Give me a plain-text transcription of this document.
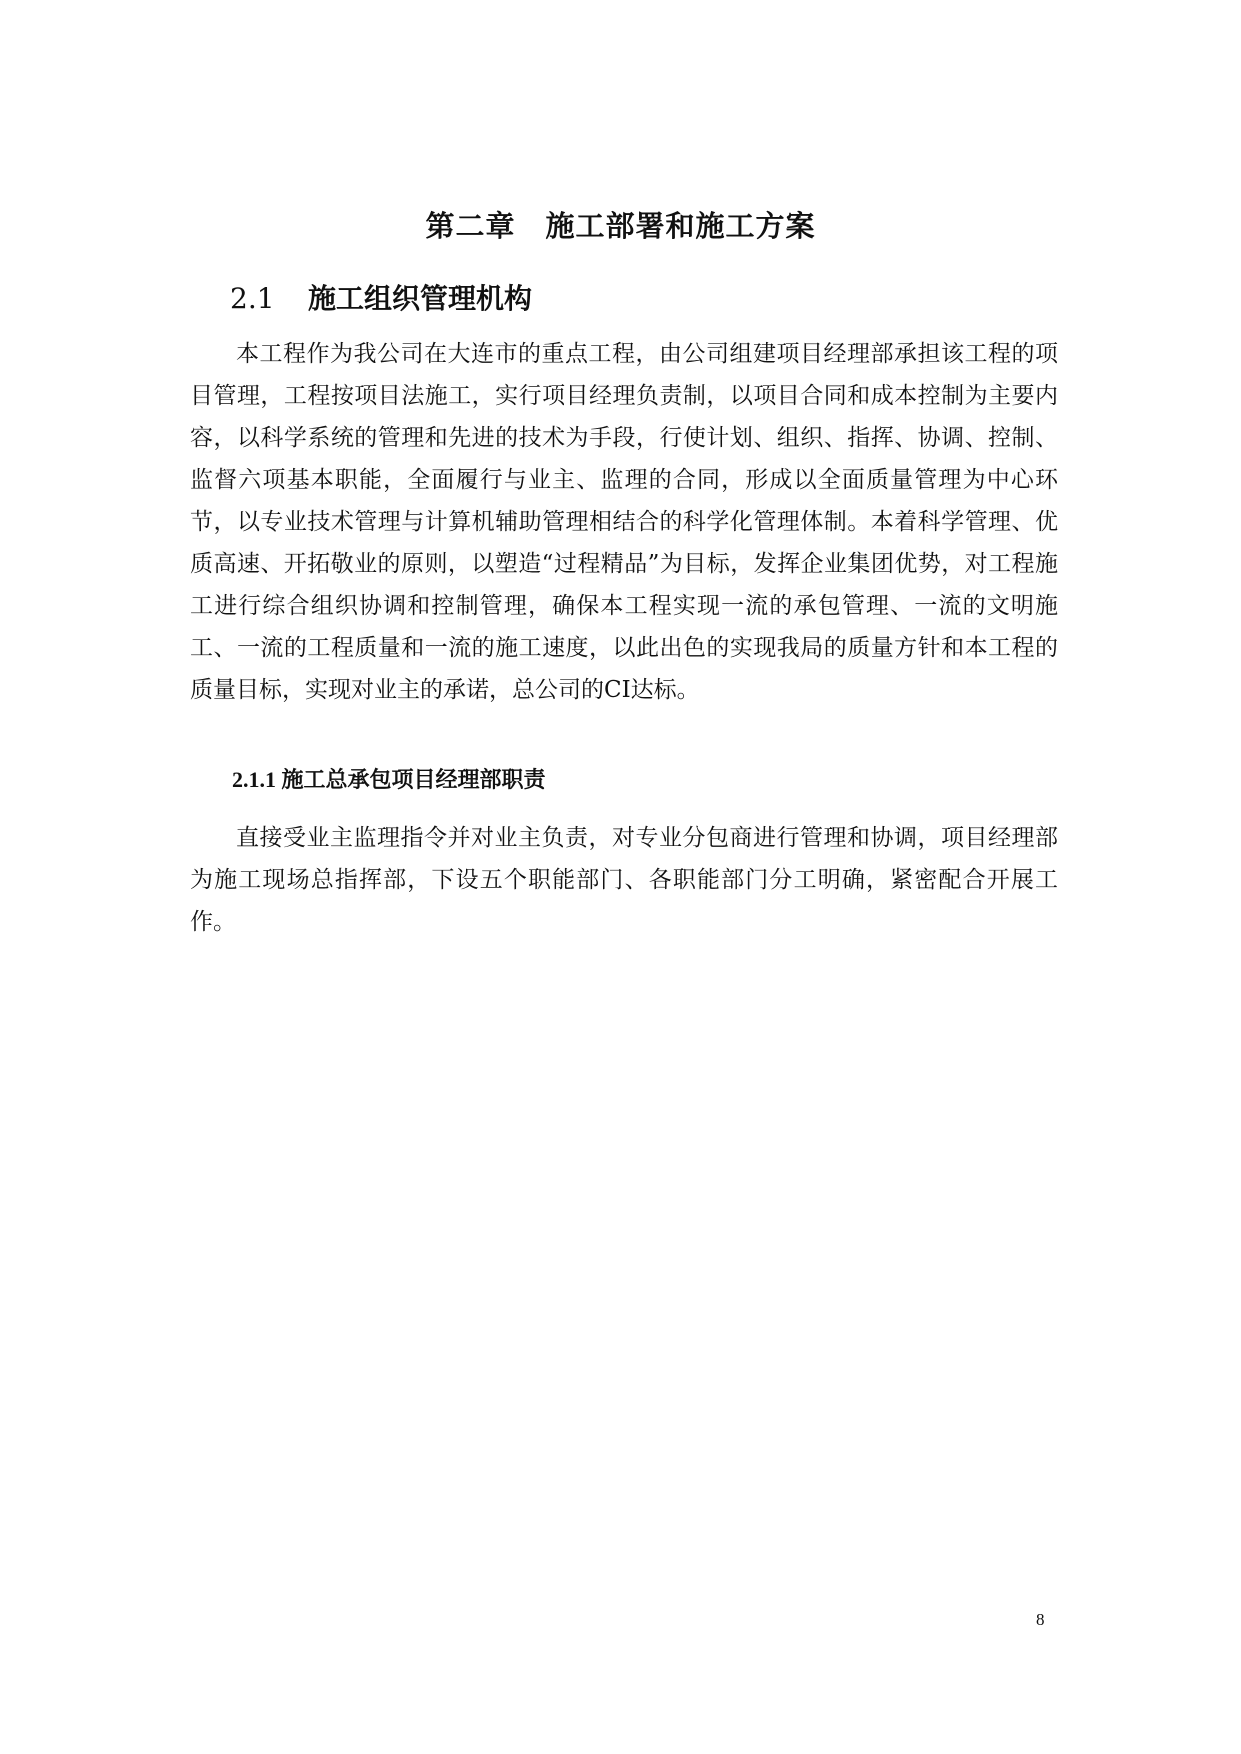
第二章　施工部署和施工方案
2.1 施工组织管理机构

本工程作为我公司在大连市的重点工程，由公司组建项目经理部承担该工程的项目管理，工程按项目法施工，实行项目经理负责制，以项目合同和成本控制为主要内容，以科学系统的管理和先进的技术为手段，行使计划、组织、指挥、协调、控制、监督六项基本职能，全面履行与业主、监理的合同，形成以全面质量管理为中心环节，以专业技术管理与计算机辅助管理相结合的科学化管理体制。本着科学管理、优质高速、开拓敬业的原则，以塑造“过程精品”为目标，发挥企业集团优势，对工程施工进行综合组织协调和控制管理，确保本工程实现一流的承包管理、一流的文明施工、一流的工程质量和一流的施工速度，以此出色的实现我局的质量方针和本工程的质量目标，实现对业主的承诺，总公司的CI达标。

2.1.1 施工总承包项目经理部职责

直接受业主监理指令并对业主负责，对专业分包商进行管理和协调，项目经理部为施工现场总指挥部，下设五个职能部门、各职能部门分工明确，紧密配合开展工作。

8
